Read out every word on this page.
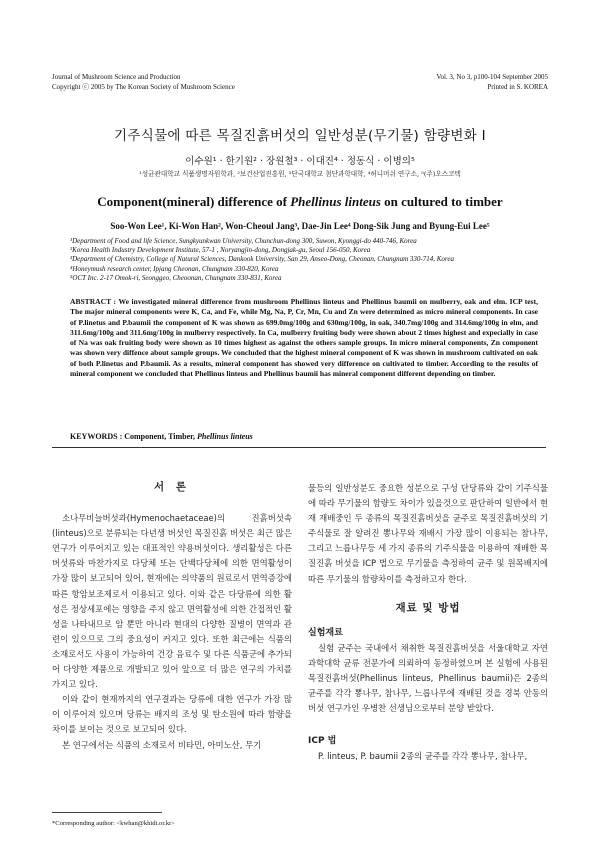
Journal of Mushroom Science and Production
Copyright ⓒ 2005 by The Korean Society of Mushroom Science
Vol. 3, No 3, p100-104 September 2005
Printed in S. KOREA
기주식물에 따른 목질진흙버섯의 일반성분(무기물) 함량변화 Ⅰ
이수원¹ · 한기원² · 장원철³ · 이대진⁴ · 정동식 · 이병의⁵
¹성균관대학교 식품생명자원학과, ²보건산업진흥원, ³단국대학교 첨단과학대학, ⁴허니머쉬 연구소, ⁵(주)오스코텍
Component(mineral) difference of Phellinus linteus on cultured to timber
Soo-Won Lee¹, Ki-Won Han², Won-Cheoul Jang³, Dae-Jin Lee⁴ Dong-Sik Jung and Byung-Eui Lee⁵
¹Department of Food and life Science, Sungkyunkwan University, Chunchun-dong 300, Suwon, Kyonggi-do 440-746, Korea
²Korea Health Industry Development Institute, 57-1 , Noryangjin-dong, Dongjak-gu, Seoul 156-050, Korea
³Department of Chemistry, College of Natural Sciences, Dankook University, San 29, Anseo-Dong, Cheonan, Chungnam 330-714, Korea
⁴Honeymush research center, Ipjang Cheonan, Chungnam 330-820, Korea
⁵OCT Inc. 2-17 Omok-ri, Seonggeo, Cheoonan, Chungnam 330-831, Korea
ABSTRACT : We investigated mineral difference from mushroom Phellinus linteus and Phellinus baumii on mulberry, oak and elm. ICP test, The major mineral components were K, Ca, and Fe, while Mg, Na, P, Cr, Mn, Cu and Zn were determined as micro mineral components. In case of P.linetus and P.baumii the component of K was shown as 699.0mg/100g and 630mg/100g, in oak, 340.7mg/100g and 314.6mg/100g in elm, and 311.6mg/100g and 311.6mg/100g in mulberry respectively. In Ca, mulberry fruiting body were shown about 2 times highest and expecially in case of Na was oak fruiting body were shown as 10 times highest as against the others sample groups. In micro mineral components, Zn component was shown very diffence about sample groups. We concluded that the highest mineral component of K was shown in mushroom cultivated on oak of both P.linetus and P.baumii. As a results, mineral component has showed very difference on cultivated to timber. According to the results of mineral component we concluded that Phellinus linteus and Phellinus baumii has mineral component different depending on timber.
KEYWORDS : Component, Timber, Phellinus linteus
서 론

소나무비늘버섯과(Hymenochaetaceae)의 진흙버섯속(linteus)으로 분류되는 다년생 버섯인 목질진흙 버섯은 최근 많은 연구가 이루어지고 있는 대표적인 약용버섯이다. 생리활성은 다른 버섯류와 마찬가지로 다당체 또는 단백다당체에 의한 면역활성이 가장 많이 보고되어 있어, 현재에는 의약품의 원료로서 면역증강에 따른 항암보조제로서 이용되고 있다. 이와 같은 다당류에 의한 활성은 정상세포에는 영향을 주지 않고 면역활성에 의한 간접적인 활성을 나타내므로 암 뿐만 아니라 현대의 다양한 질병이 면역과 관련이 있으므로 그의 중요성이 커지고 있다. 또한 최근에는 식품의 소재로서도 사용이 가능하여 건강 음료수 및 다른 식품군에 추가되어 다양한 제품으로 개발되고 있어 앞으로 더 많은 연구의 가치를 가지고 있다.

이와 같이 현재까지의 연구결과는 당류에 대한 연구가 가장 많이 이루어져 있으며 당류는 배지의 조성 및 탄소원에 따라 함량을 차이를 보이는 것으로 보고되어 있다.

본 연구에서는 식품의 소재로서 비타민, 아미노산, 무기

물등의 일반성분도 중요한 성분으로 구성 단당류와 같이 기주식물에 따라 무기물의 함량도 차이가 있을것으로 판단하여 일반에서 현재 재배중인 두 종류의 목질진흙버섯을 균주로 목질진흙버섯의 기주식물로 잘 알려진 뽕나무와 재배시 가장 많이 이용되는 참나무, 그리고 느릅나무등 세 가지 종류의 기주식물을 이용하여 재배한 목질진흙 버섯을 ICP 법으로 무기물을 측정하여 균주 및 원목배지에 따른 무기물의 함량차이를 측정하고자 한다.

재료 및 방법
실험재료

실험 균주는 국내에서 채취한 목질진흙버섯을 서울대학교 자연과학대학 균류 전문가에 의뢰하여 동정하였으며 본 실험에 사용된 목질진흙버섯(Phellinus linteus, Phellinus baumii)은 2종의 균주를 각각 뽕나무, 참나무, 느릅나무에 재배된 것을 경북 안동의 버섯 연구가인 우병찬 선생님으로부터 분양 받았다.

ICP 법

P. linteus, P. baumii 2종의 균주를 각각 뽕나무, 참나무,

*Corresponding author: <kwhan@khidi.or.kr>
